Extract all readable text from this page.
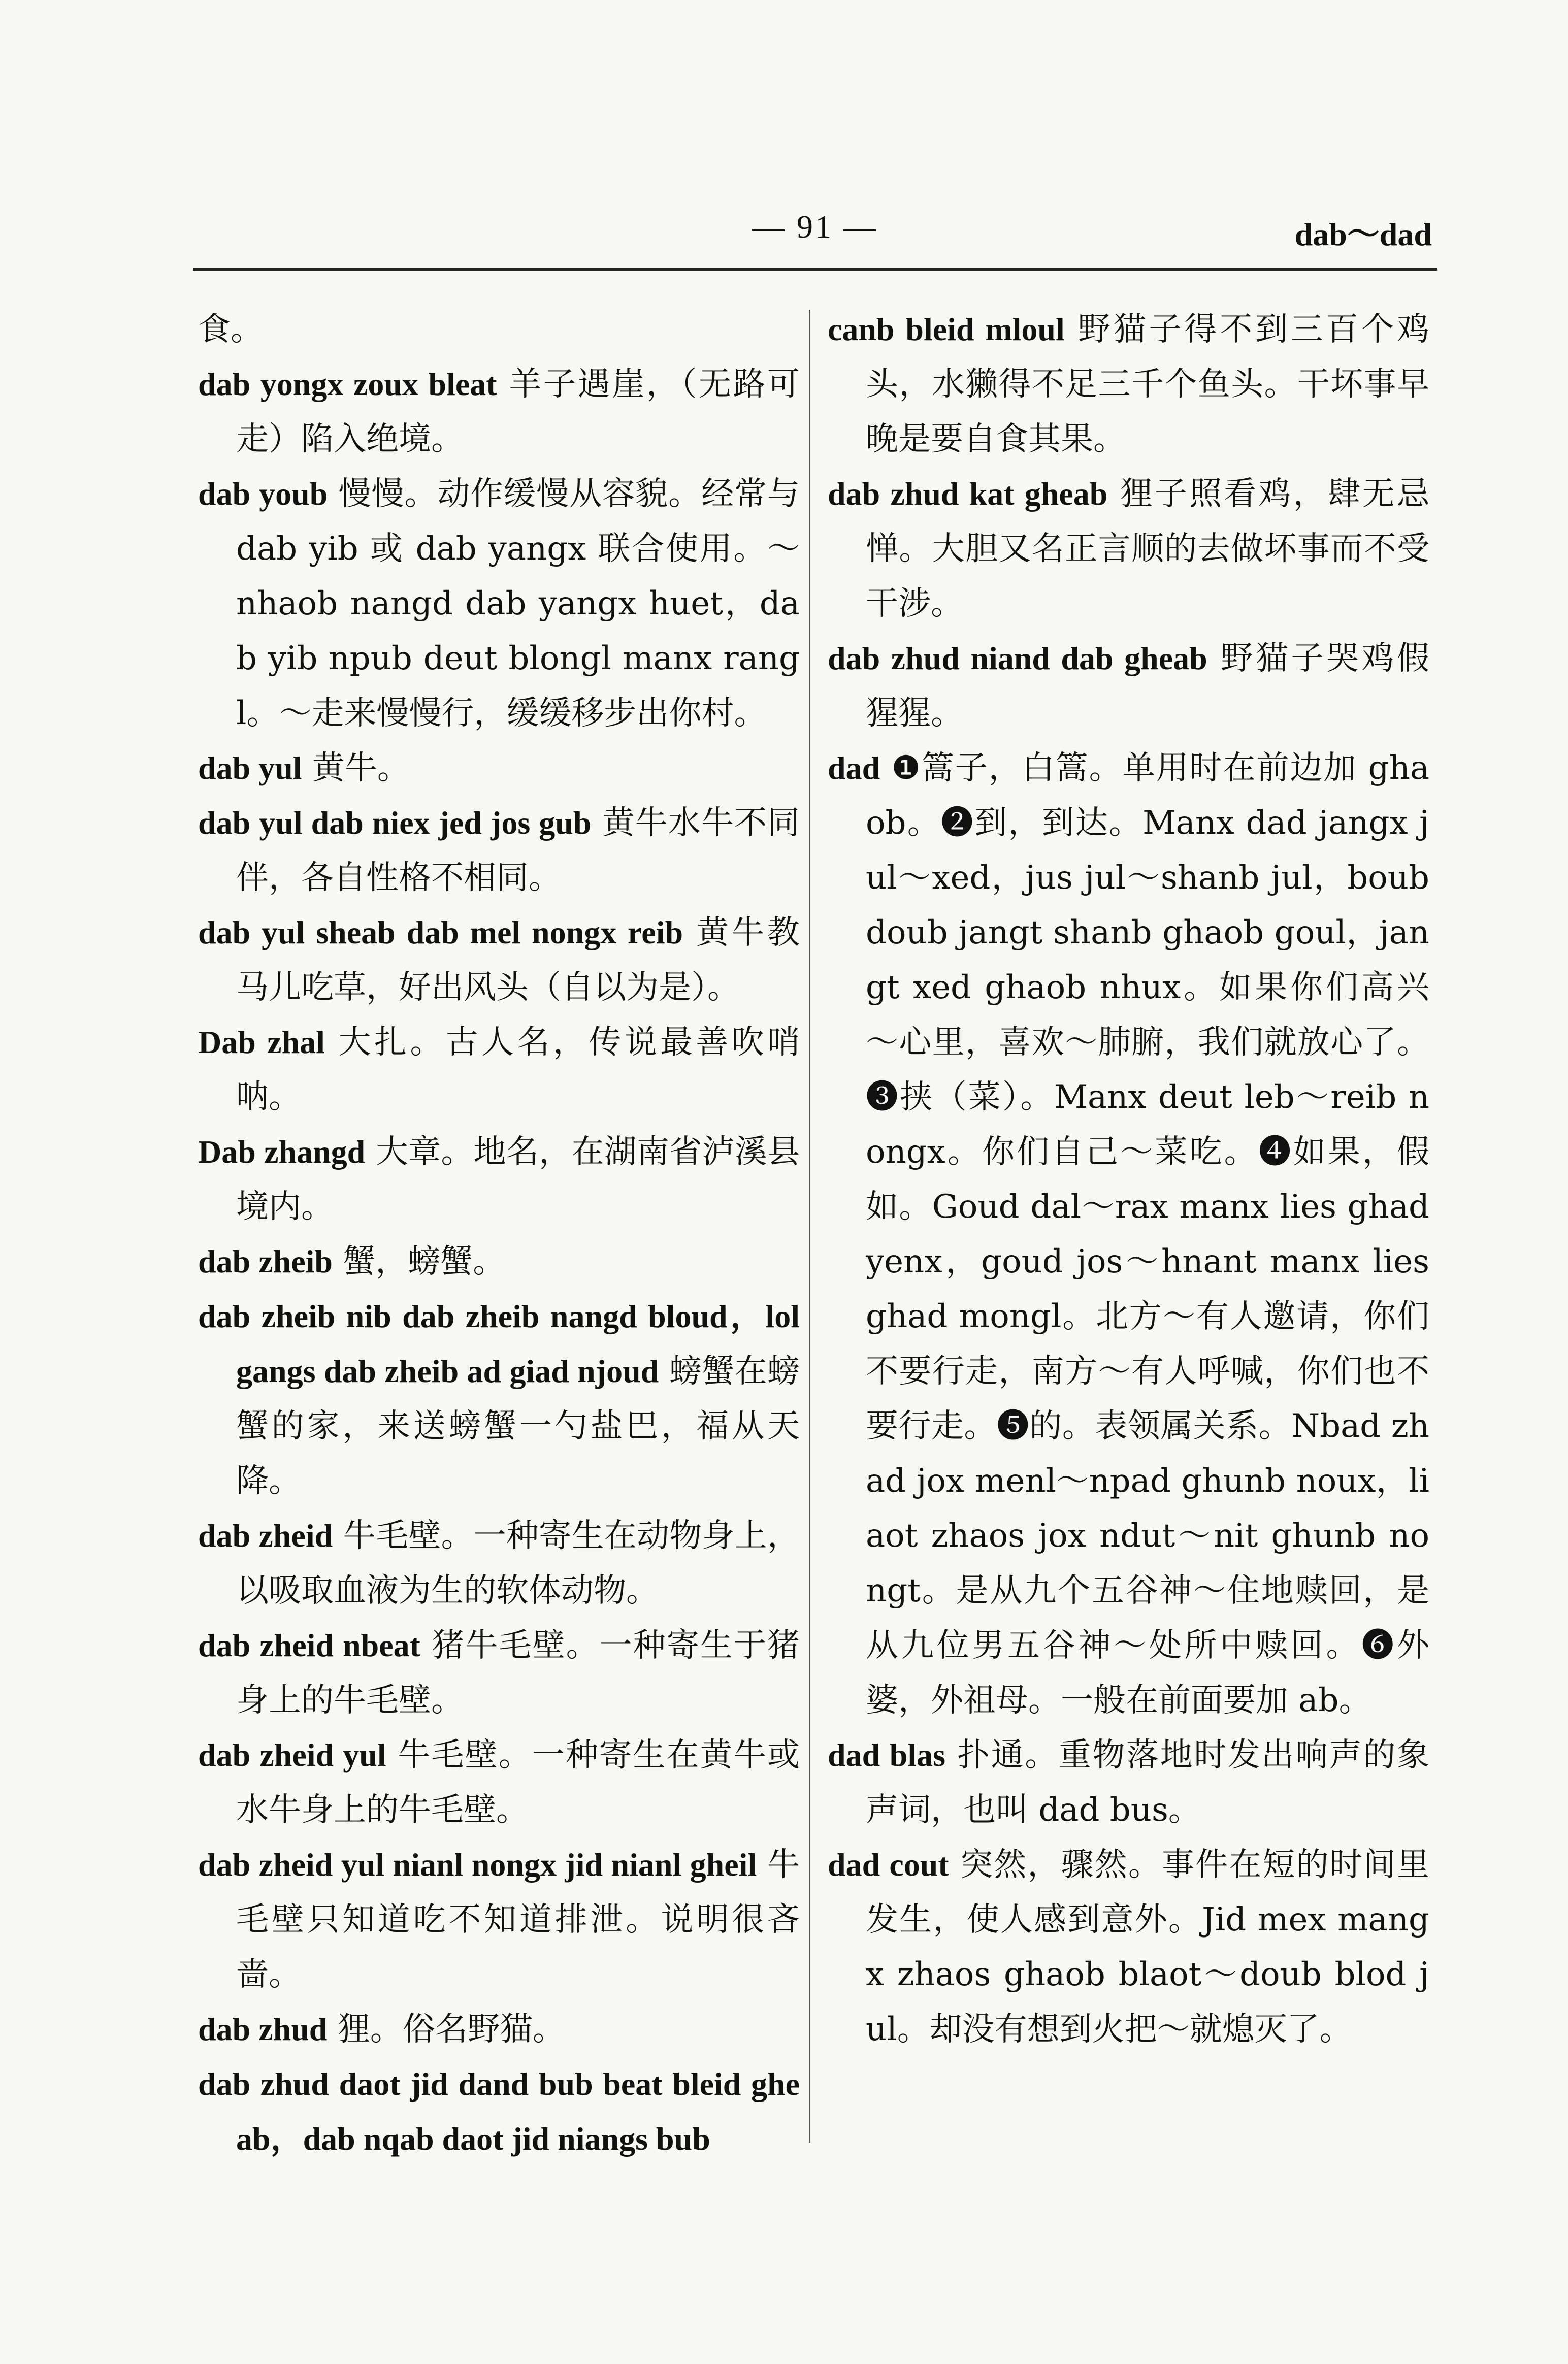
— 91 —	dab～dad

食。

dab yongx zoux bleat 羊子遇崖，（无路可走）陷入绝境。

dab youb 慢慢。动作缓慢从容貌。经常与 dab yib 或 dab yangx 联合使用。～nhaob nangd dab yangx huet，dab yib npub deut blongl manx rangl。～走来慢慢行，缓缓移步出你村。

dab yul 黄牛。

dab yul dab niex jed jos gub 黄牛水牛不同伴，各自性格不相同。

dab yul sheab dab mel nongx reib 黄牛教马儿吃草，好出风头（自以为是）。

Dab zhal 大扎。古人名，传说最善吹哨呐。

Dab zhangd 大章。地名，在湖南省泸溪县境内。

dab zheib 蟹，螃蟹。

dab zheib nib dab zheib nangd bloud，lol gangs dab zheib ad giad njoud 螃蟹在螃蟹的家，来送螃蟹一勺盐巴，福从天降。

dab zheid 牛毛壁。一种寄生在动物身上，以吸取血液为生的软体动物。

dab zheid nbeat 猪牛毛壁。一种寄生于猪身上的牛毛壁。

dab zheid yul 牛毛壁。一种寄生在黄牛或水牛身上的牛毛壁。

dab zheid yul nianl nongx jid nianl gheil 牛毛壁只知道吃不知道排泄。说明很吝啬。

dab zhud 狸。俗名野猫。

dab zhud daot jid dand bub beat bleid gheab，dab nqab daot jid niangs bub

canb bleid mloul 野猫子得不到三百个鸡头，水獭得不足三千个鱼头。干坏事早晚是要自食其果。

dab zhud kat gheab 狸子照看鸡，肆无忌惮。大胆又名正言顺的去做坏事而不受干涉。

dab zhud niand dab gheab 野猫子哭鸡假猩猩。

dad ❶篙子，白篙。单用时在前边加 ghaob。❷到，到达。Manx dad jangx jul～xed，jus jul～shanb jul，boub doub jangt shanb ghaob goul，jangt xed ghaob nhux。如果你们高兴～心里，喜欢～肺腑，我们就放心了。❸挟（菜）。Manx deut leb～reib nongx。你们自己～菜吃。❹如果，假如。Goud dal～rax manx lies ghad yenx，goud jos～hnant manx lies ghad mongl。北方～有人邀请，你们不要行走，南方～有人呼喊，你们也不要行走。❺的。表领属关系。Nbad zhad jox menl～npad ghunb noux，liaot zhaos jox ndut～nit ghunb nongt。是从九个五谷神～住地赎回，是从九位男五谷神～处所中赎回。❻外婆，外祖母。一般在前面要加 ab。

dad blas 扑通。重物落地时发出响声的象声词，也叫 dad bus。

dad cout 突然，骤然。事件在短的时间里发生，使人感到意外。Jid mex mangx zhaos ghaob blaot～doub blod jul。却没有想到火把～就熄灭了。
